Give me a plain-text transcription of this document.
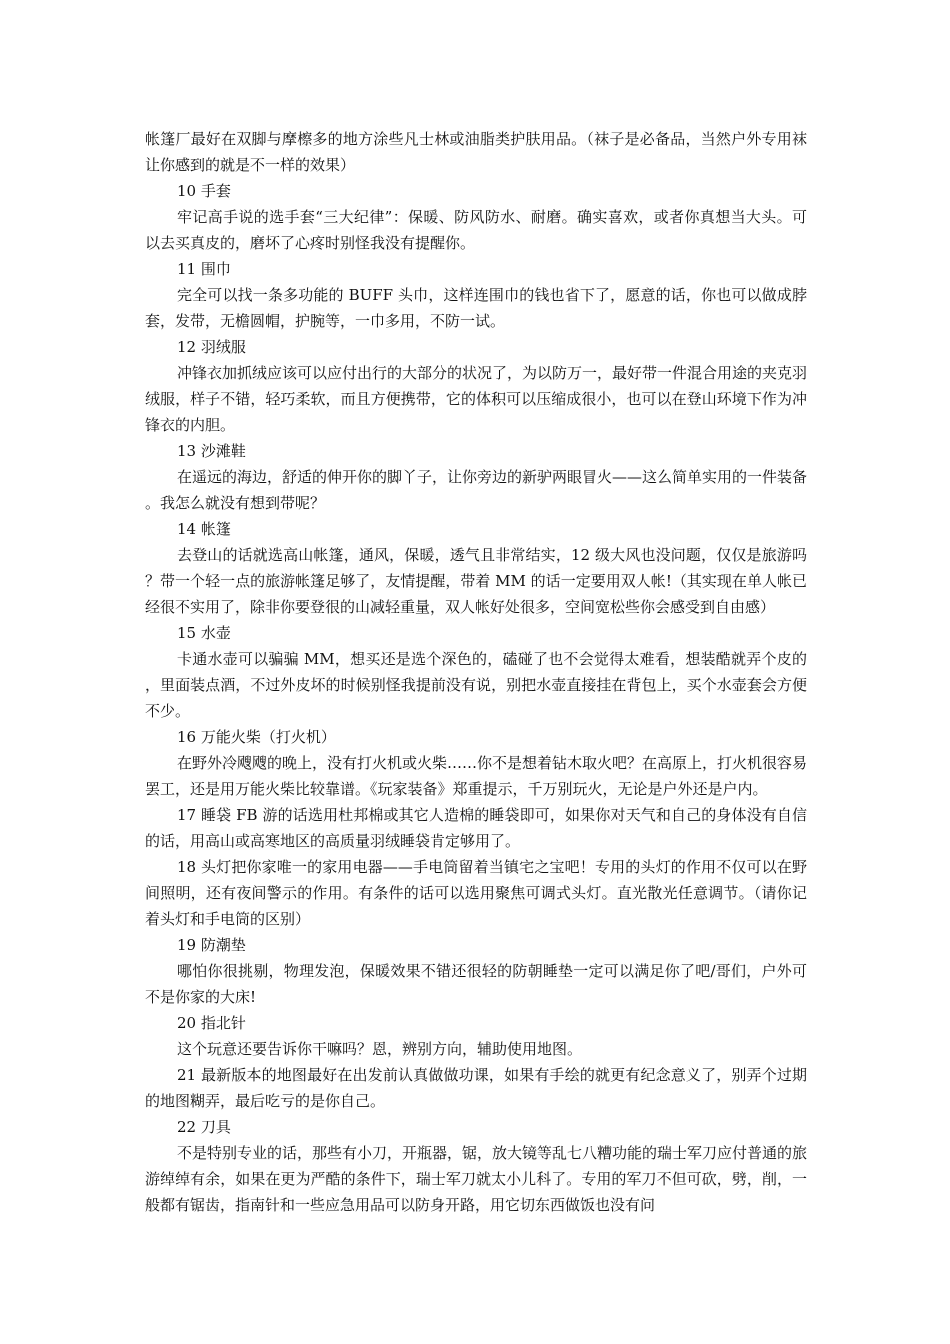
帐篷厂最好在双脚与摩檫多的地方涂些凡士林或油脂类护肤用品。（袜子是必备品，当然户外专用袜让你感到的就是不一样的效果）

10 手套

牢记高手说的选手套“三大纪律”：保暖、防风防水、耐磨。确实喜欢，或者你真想当大头。可以去买真皮的，磨坏了心疼时别怪我没有提醒你。

11 围巾

完全可以找一条多功能的 BUFF 头巾，这样连围巾的钱也省下了，愿意的话，你也可以做成脖套，发带，无檐圆帽，护腕等，一巾多用，不防一试。

12 羽绒服

冲锋衣加抓绒应该可以应付出行的大部分的状况了，为以防万一，最好带一件混合用途的夹克羽绒服，样子不错，轻巧柔软，而且方便携带，它的体积可以压缩成很小，也可以在登山环境下作为冲锋衣的内胆。

13 沙滩鞋

在遥远的海边，舒适的伸开你的脚丫子，让你旁边的新驴两眼冒火——这么简单实用的一件装备。我怎么就没有想到带呢？

14 帐篷

去登山的话就选高山帐篷，通风，保暖，透气且非常结实，12 级大风也没问题，仅仅是旅游吗？带一个轻一点的旅游帐篷足够了，友情提醒，带着 MM 的话一定要用双人帐!（其实现在单人帐已经很不实用了，除非你要登很的山减轻重量，双人帐好处很多，空间宽松些你会感受到自由感）

15 水壶

卡通水壶可以骗骗 MM，想买还是选个深色的，磕碰了也不会觉得太难看，想装酷就弄个皮的，里面装点酒，不过外皮坏的时候别怪我提前没有说，别把水壶直接挂在背包上，买个水壶套会方便不少。

16 万能火柴（打火机）

在野外冷飕飕的晚上，没有打火机或火柴……你不是想着钻木取火吧？在高原上，打火机很容易罢工，还是用万能火柴比较靠谱。《玩家装备》郑重提示，千万别玩火，无论是户外还是户内。

17 睡袋 FB 游的话选用杜邦棉或其它人造棉的睡袋即可，如果你对天气和自己的身体没有自信的话，用高山或高寒地区的高质量羽绒睡袋肯定够用了。

18 头灯把你家唯一的家用电器——手电筒留着当镇宅之宝吧！专用的头灯的作用不仅可以在野间照明，还有夜间警示的作用。有条件的话可以选用聚焦可调式头灯。直光散光任意调节。（请你记着头灯和手电筒的区别）

19 防潮垫

哪怕你很挑剔，物理发泡，保暖效果不错还很轻的防朝睡垫一定可以满足你了吧/哥们，户外可不是你家的大床!

20 指北针

这个玩意还要告诉你干嘛吗？恩，辨别方向，辅助使用地图。

21 最新版本的地图最好在出发前认真做做功课，如果有手绘的就更有纪念意义了，别弄个过期的地图糊弄，最后吃亏的是你自己。

22 刀具

不是特别专业的话，那些有小刀，开瓶器，锯，放大镜等乱七八糟功能的瑞士军刀应付普通的旅游绰绰有余，如果在更为严酷的条件下，瑞士军刀就太小儿科了。专用的军刀不但可砍，劈，削，一般都有锯齿，指南针和一些应急用品可以防身开路，用它切东西做饭也没有问
